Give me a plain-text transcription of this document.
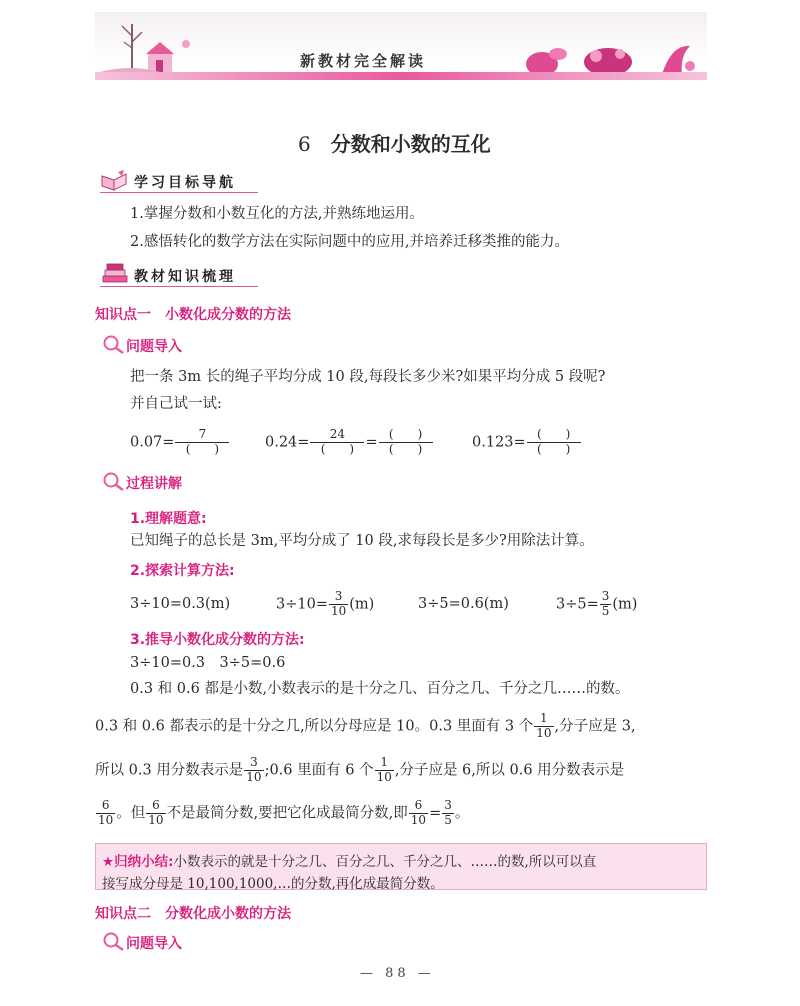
新教材完全解读
6 分数和小数的互化
学习目标导航
1.掌握分数和小数互化的方法,并熟练地运用。
2.感悟转化的数学方法在实际问题中的应用,并培养迁移类推的能力。
教材知识梳理
知识点一　小数化成分数的方法
问题导入
把一条 3m 长的绳子平均分成 10 段,每段长多少米?如果平均分成 5 段呢?
并自己试一试:
$0.07= \frac{7}{( )} 0.24= \frac{24}{( )} = \frac{( )}{( )}$	$0.123= \frac{( )}{( )}$
过程讲解
1.理解题意:
已知绳子的总长是 3m,平均分成了 10 段,求每段长是多少?用除法计算。
2.探索计算方法:
3÷10=0.3(m)	$3\div 10= \frac{3}{10} (m)$	3÷5=0.6(m)	$3\div 5= \frac{3}{5} (m)$
3.推导小数化成分数的方法:
3÷10=0.3　3÷5=0.6
0.3 和 0.6 都是小数,小数表示的是十分之几、百分之几、千分之几……的数。
0.3 和 0.6 都表示的是十分之几,所以分母应是 10。0.3 里面有 3 个 $\frac{1}{10}$ ,分子应是 3,
所以 0.3 用分数表示是 $\frac{3}{10}$ ;0.6 里面有 6 个 $\frac{1}{10}$ ,分子应是 6,所以 0.6 用分数表示是
$\frac{6}{10}$ 。但 $\frac{6}{10}$ 不是最简分数,要把它化成最简分数,即 $\frac{6}{10} = \frac{3}{5}$ 。
★归纳小结:小数表示的就是十分之几、百分之几、千分之几、……的数,所以可以直
接写成分母是 10,100,1000,…的分数,再化成最简分数。
知识点二　分数化成小数的方法
问题导入
— 88 —
